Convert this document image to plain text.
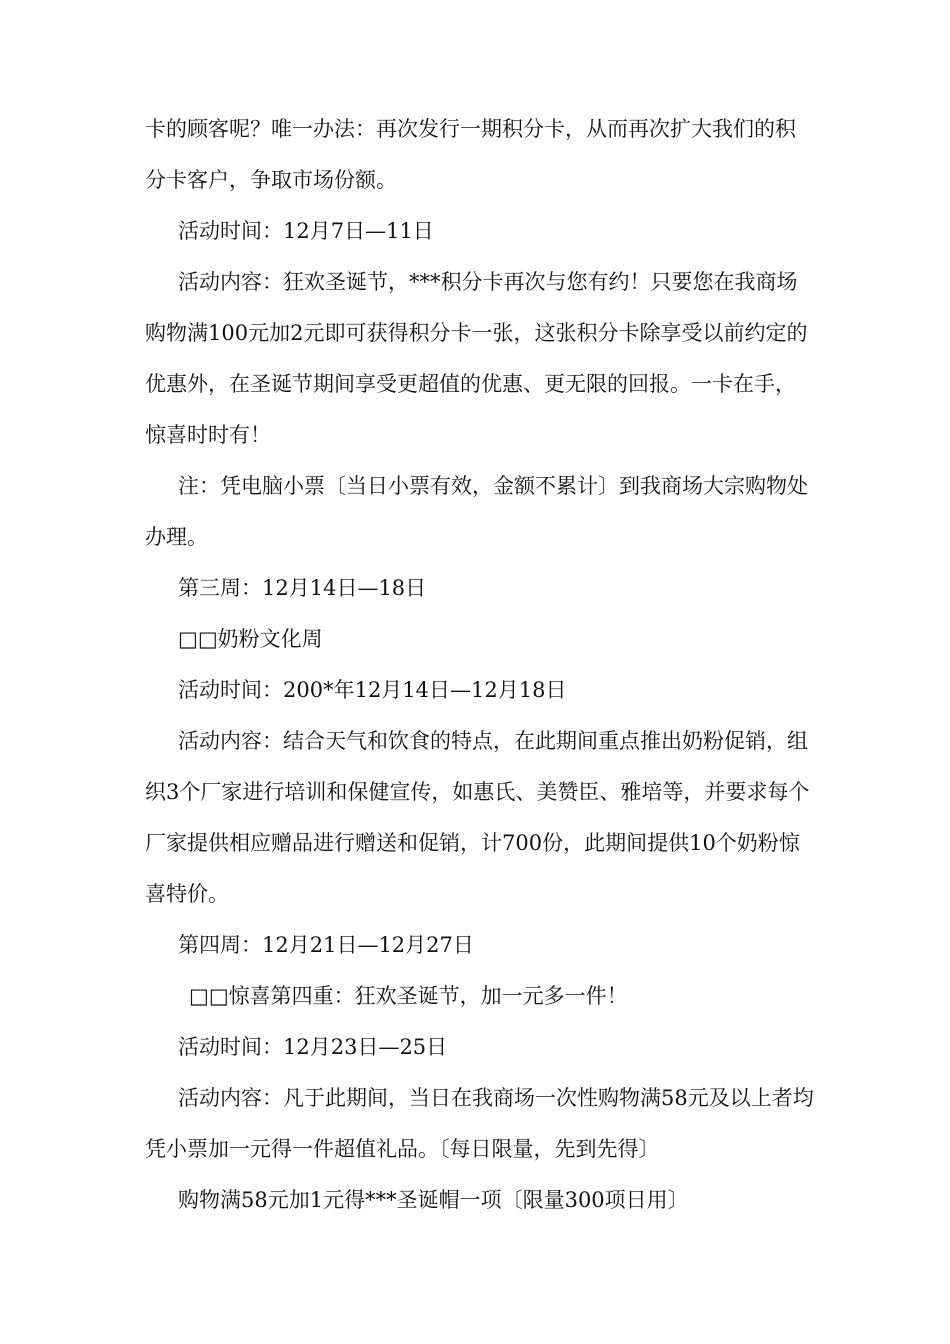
卡的顾客呢？唯一办法：再次发行一期积分卡，从而再次扩大我们的积分卡客户，争取市场份额。

活动时间：12月7日—11日

活动内容：狂欢圣诞节，***积分卡再次与您有约！只要您在我商场购物满100元加2元即可获得积分卡一张，这张积分卡除享受以前约定的优惠外，在圣诞节期间享受更超值的优惠、更无限的回报。一卡在手，惊喜时时有！

注：凭电脑小票〔当日小票有效，金额不累计〕到我商场大宗购物处办理。

第三周：12月14日—18日

□□奶粉文化周

活动时间：200*年12月14日—12月18日

活动内容：结合天气和饮食的特点，在此期间重点推出奶粉促销，组织3个厂家进行培训和保健宣传，如惠氏、美赞臣、雅培等，并要求每个厂家提供相应赠品进行赠送和促销，计700份，此期间提供10个奶粉惊喜特价。

第四周：12月21日—12月27日

□□惊喜第四重：狂欢圣诞节，加一元多一件！

活动时间：12月23日—25日

活动内容：凡于此期间，当日在我商场一次性购物满58元及以上者均凭小票加一元得一件超值礼品。〔每日限量，先到先得〕

购物满58元加1元得***圣诞帽一项〔限量300项日用〕
